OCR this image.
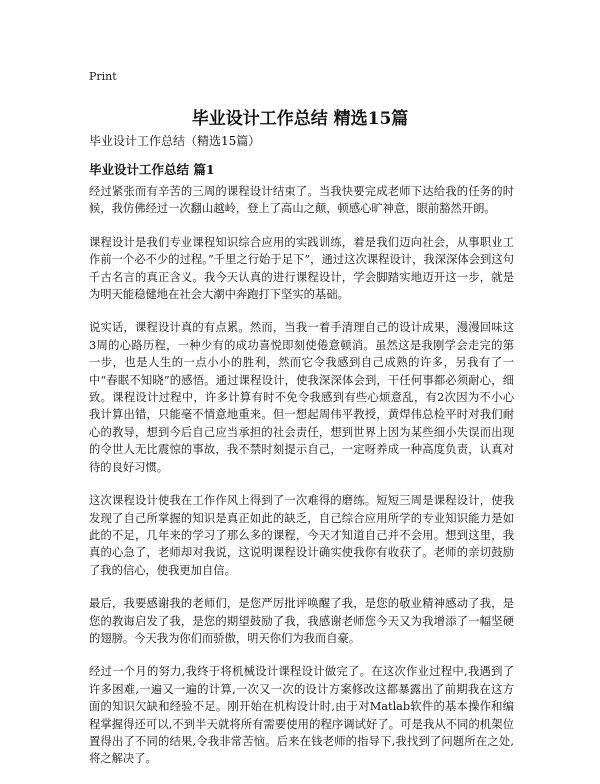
Print
毕业设计工作总结 精选15篇

毕业设计工作总结（精选15篇）

毕业设计工作总结 篇1

经过紧张而有辛苦的三周的课程设计结束了。当我快要完成老师下达给我的任务的时候，我仿佛经过一次翻山越岭，登上了高山之颠，顿感心旷神意，眼前豁然开朗。

课程设计是我们专业课程知识综合应用的实践训练，着是我们迈向社会，从事职业工作前一个必不少的过程。”千里之行始于足下”，通过这次课程设计，我深深体会到这句千古名言的真正含义。我今天认真的进行课程设计，学会脚踏实地迈开这一步，就是为明天能稳健地在社会大潮中奔跑打下坚实的基础。

说实话，课程设计真的有点累。然而，当我一着手清理自己的设计成果，漫漫回味这3周的心路历程，一种少有的成功喜悦即刻使倦意顿消。虽然这是我刚学会走完的第一步，也是人生的一点小小的胜利，然而它令我感到自己成熟的许多，另我有了一中“春眠不知晓”的感悟。通过课程设计，使我深深体会到，干任何事都必须耐心，细致。课程设计过程中，许多计算有时不免令我感到有些心烦意乱，有2次因为不小心我计算出错，只能毫不情意地重来。但一想起周伟平教授，黄焊伟总检平时对我们耐心的教导，想到今后自己应当承担的社会责任，想到世界上因为某些细小失误而出现的令世人无比震惊的事故，我不禁时刻提示自己，一定呀养成一种高度负责，认真对待的良好习惯。

这次课程设计使我在工作作风上得到了一次难得的磨练。短短三周是课程设计，使我发现了自己所掌握的知识是真正如此的缺乏，自己综合应用所学的专业知识能力是如此的不足，几年来的学习了那么多的课程，今天才知道自己并不会用。想到这里，我真的心急了，老师却对我说，这说明课程设计确实使我你有收获了。老师的亲切鼓励了我的信心，使我更加自信。

最后，我要感谢我的老师们，是您严厉批评唤醒了我，是您的敬业精神感动了我，是您的教诲启发了我，是您的期望鼓励了我，我感谢老师您今天又为我增添了一幅坚硬的翅膀。今天我为你们而骄傲，明天你们为我而自豪。

经过一个月的努力,我终于将机械设计课程设计做完了。在这次作业过程中,我遇到了许多困难,一遍又一遍的计算,一次又一次的设计方案修改这都暴露出了前期我在这方面的知识欠缺和经验不足。刚开始在机构设计时,由于对Matlab软件的基本操作和编程掌握得还可以,不到半天就将所有需要使用的程序调试好了。可是我从不同的机架位置得出了不同的结果,令我非常苦恼。后来在钱老师的指导下,我找到了问题所在之处,将之解决了。
